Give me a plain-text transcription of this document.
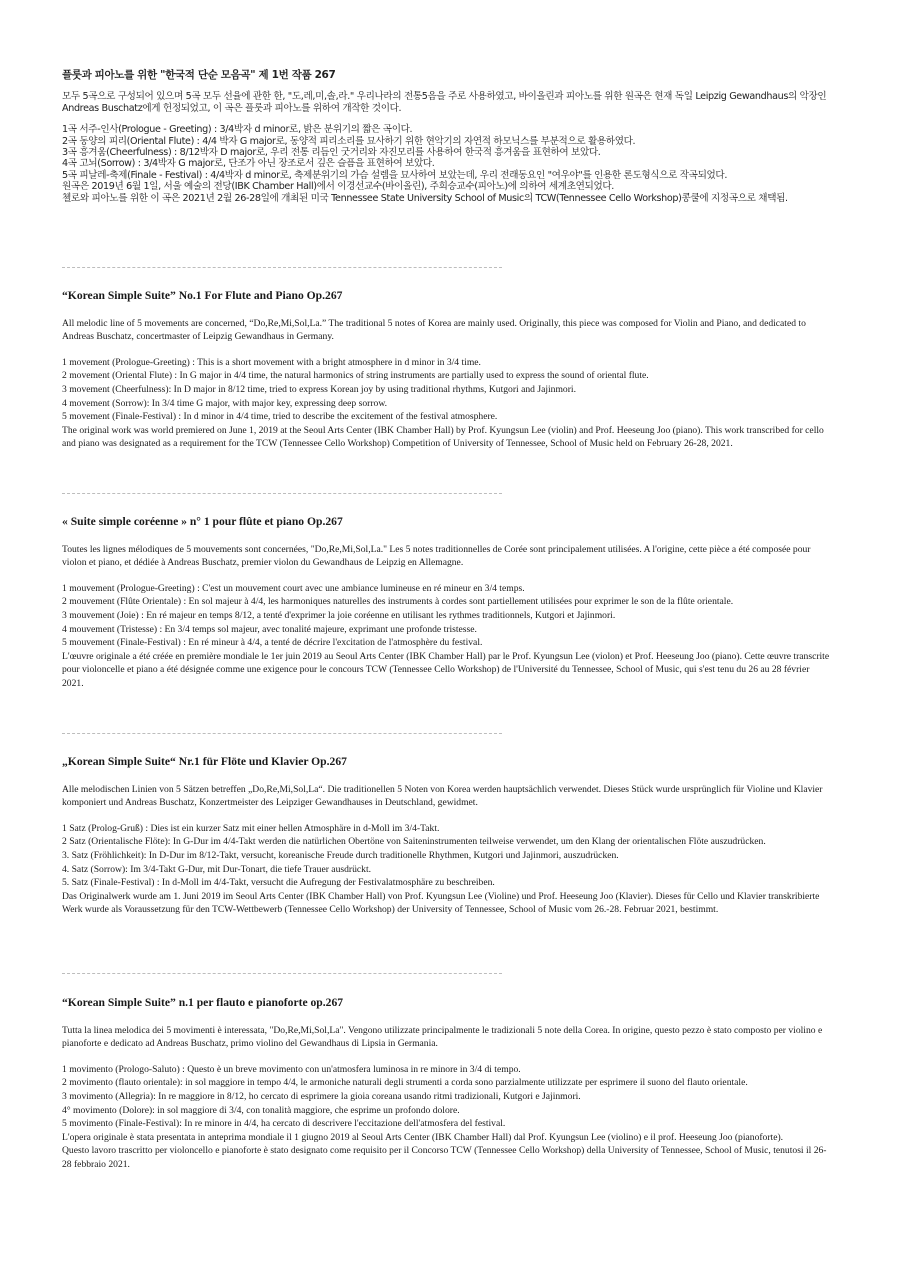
플룻과 피아노를 위한 "한국적 단순 모음곡" 제 1번 작품 267

모두 5곡으로 구성되어 있으며 5곡 모두 선율에 관한 한, "도,레,미,솔,라." 우리나라의 전통5음을 주로 사용하였고, 바이올린과 피아노를 위한 원곡은 현재 독일 Leipzig Gewandhaus의 악장인 Andreas Buschatz에게 헌정되었고, 이 곡은 플룻과 피아노를 위하여 개작한 것이다.

1곡 서주-인사(Prologue - Greeting) : 3/4박자 d minor로, 밝은 분위기의 짧은 곡이다.

2곡 동양의 피리(Oriental Flute) : 4/4 박자 G major로, 동양적 피리소리를 묘사하기 위한 현악기의 자연적 하모닉스를 부분적으로 활용하였다.

3곡 흥겨움(Cheerfulness) : 8/12박자 D major로, 우리 전통 리듬인 굿거리와 자진모리를 사용하여 한국적 흥겨움을 표현하여 보았다.

4곡 고뇌(Sorrow) : 3/4박자 G major로, 단조가 아닌 장조로서 깊은 슬픔을 표현하여 보았다.

5곡 피날레-축제(Finale - Festival) : 4/4박자 d minor로, 축제분위기의 가슴 설렘을 묘사하여 보았는데, 우리 전래동요인 "여우야"를 인용한 론도형식으로 작곡되었다.

원곡은 2019년 6월 1일, 서울 예술의 전당(IBK Chamber Hall)에서 이경선교수(바이올린), 주희승교수(피아노)에 의하여 세계초연되었다.

첼로와 피아노를 위한 이 곡은 2021년 2월 26-28일에 개최된 미국 Tennessee State University School of Music의 TCW(Tennessee Cello Workshop)콩쿨에 지정곡으로 채택됨.

“Korean Simple Suite” No.1 For Flute and Piano Op.267

All melodic line of 5 movements are concerned, “Do,Re,Mi,Sol,La.” The traditional 5 notes of Korea are mainly used. Originally, this piece was composed for Violin and Piano, and dedicated to Andreas Buschatz, concertmaster of Leipzig Gewandhaus in Germany.

1 movement (Prologue-Greeting) : This is a short movement with a bright atmosphere in d minor in 3/4 time.

2 movement (Oriental Flute) : In G major in 4/4 time, the natural harmonics of string instruments are partially used to express the sound of oriental flute.

3 movement (Cheerfulness): In D major in 8/12 time, tried to express Korean joy by using traditional rhythms, Kutgori and Jajinmori.

4 movement (Sorrow): In 3/4 time G major, with major key, expressing deep sorrow.

5 movement (Finale-Festival) : In d minor in 4/4 time, tried to describe the excitement of the festival atmosphere.

The original work was world premiered on June 1, 2019 at the Seoul Arts Center (IBK Chamber Hall) by Prof. Kyungsun Lee (violin) and Prof. Heeseung Joo (piano). This work transcribed for cello and piano was designated as a requirement for the TCW (Tennessee Cello Workshop) Competition of University of Tennessee, School of Music held on February 26-28, 2021.

« Suite simple coréenne » n° 1 pour flûte et piano Op.267

Toutes les lignes mélodiques de 5 mouvements sont concernées, "Do,Re,Mi,Sol,La." Les 5 notes traditionnelles de Corée sont principalement utilisées. A l'origine, cette pièce a été composée pour violon et piano, et dédiée à Andreas Buschatz, premier violon du Gewandhaus de Leipzig en Allemagne.

1 mouvement (Prologue-Greeting) : C'est un mouvement court avec une ambiance lumineuse en ré mineur en 3/4 temps.

2 mouvement (Flûte Orientale) : En sol majeur à 4/4, les harmoniques naturelles des instruments à cordes sont partiellement utilisées pour exprimer le son de la flûte orientale.

3 mouvement (Joie) : En ré majeur en temps 8/12, a tenté d'exprimer la joie coréenne en utilisant les rythmes traditionnels, Kutgori et Jajinmori.

4 mouvement (Tristesse) : En 3/4 temps sol majeur, avec tonalité majeure, exprimant une profonde tristesse.

5 mouvement (Finale-Festival) : En ré mineur à 4/4, a tenté de décrire l'excitation de l'atmosphère du festival.

L'œuvre originale a été créée en première mondiale le 1er juin 2019 au Seoul Arts Center (IBK Chamber Hall) par le Prof. Kyungsun Lee (violon) et Prof. Heeseung Joo (piano). Cette œuvre transcrite pour violoncelle et piano a été désignée comme une exigence pour le concours TCW (Tennessee Cello Workshop) de l'Université du Tennessee, School of Music, qui s'est tenu du 26 au 28 février 2021.

„Korean Simple Suite“ Nr.1 für Flöte und Klavier Op.267

Alle melodischen Linien von 5 Sätzen betreffen „Do,Re,Mi,Sol,La“. Die traditionellen 5 Noten von Korea werden hauptsächlich verwendet. Dieses Stück wurde ursprünglich für Violine und Klavier komponiert und Andreas Buschatz, Konzertmeister des Leipziger Gewandhauses in Deutschland, gewidmet.

1 Satz (Prolog-Gruß) : Dies ist ein kurzer Satz mit einer hellen Atmosphäre in d-Moll im 3/4-Takt.

2 Satz (Orientalische Flöte): In G-Dur im 4/4-Takt werden die natürlichen Obertöne von Saiteninstrumenten teilweise verwendet, um den Klang der orientalischen Flöte auszudrücken.

3. Satz (Fröhlichkeit): In D-Dur im 8/12-Takt, versucht, koreanische Freude durch traditionelle Rhythmen, Kutgori und Jajinmori, auszudrücken.

4. Satz (Sorrow): Im 3/4-Takt G-Dur, mit Dur-Tonart, die tiefe Trauer ausdrückt.

5. Satz (Finale-Festival) : In d-Moll im 4/4-Takt, versucht die Aufregung der Festivalatmosphäre zu beschreiben.

Das Originalwerk wurde am 1. Juni 2019 im Seoul Arts Center (IBK Chamber Hall) von Prof. Kyungsun Lee (Violine) und Prof. Heeseung Joo (Klavier). Dieses für Cello und Klavier transkribierte Werk wurde als Voraussetzung für den TCW-Wettbewerb (Tennessee Cello Workshop) der University of Tennessee, School of Music vom 26.-28. Februar 2021, bestimmt.

“Korean Simple Suite” n.1 per flauto e pianoforte op.267

Tutta la linea melodica dei 5 movimenti è interessata, "Do,Re,Mi,Sol,La". Vengono utilizzate principalmente le tradizionali 5 note della Corea. In origine, questo pezzo è stato composto per violino e pianoforte e dedicato ad Andreas Buschatz, primo violino del Gewandhaus di Lipsia in Germania.

1 movimento (Prologo-Saluto) : Questo è un breve movimento con un'atmosfera luminosa in re minore in 3/4 di tempo.

2 movimento (flauto orientale): in sol maggiore in tempo 4/4, le armoniche naturali degli strumenti a corda sono parzialmente utilizzate per esprimere il suono del flauto orientale.

3 movimento (Allegria): In re maggiore in 8/12, ho cercato di esprimere la gioia coreana usando ritmi tradizionali, Kutgori e Jajinmori.

4° movimento (Dolore): in sol maggiore di 3/4, con tonalità maggiore, che esprime un profondo dolore.

5 movimento (Finale-Festival): In re minore in 4/4, ha cercato di descrivere l'eccitazione dell'atmosfera del festival.

L'opera originale è stata presentata in anteprima mondiale il 1 giugno 2019 al Seoul Arts Center (IBK Chamber Hall) dal Prof. Kyungsun Lee (violino) e il prof. Heeseung Joo (pianoforte).

Questo lavoro trascritto per violoncello e pianoforte è stato designato come requisito per il Concorso TCW (Tennessee Cello Workshop) della University of Tennessee, School of Music, tenutosi il 26-28 febbraio 2021.
